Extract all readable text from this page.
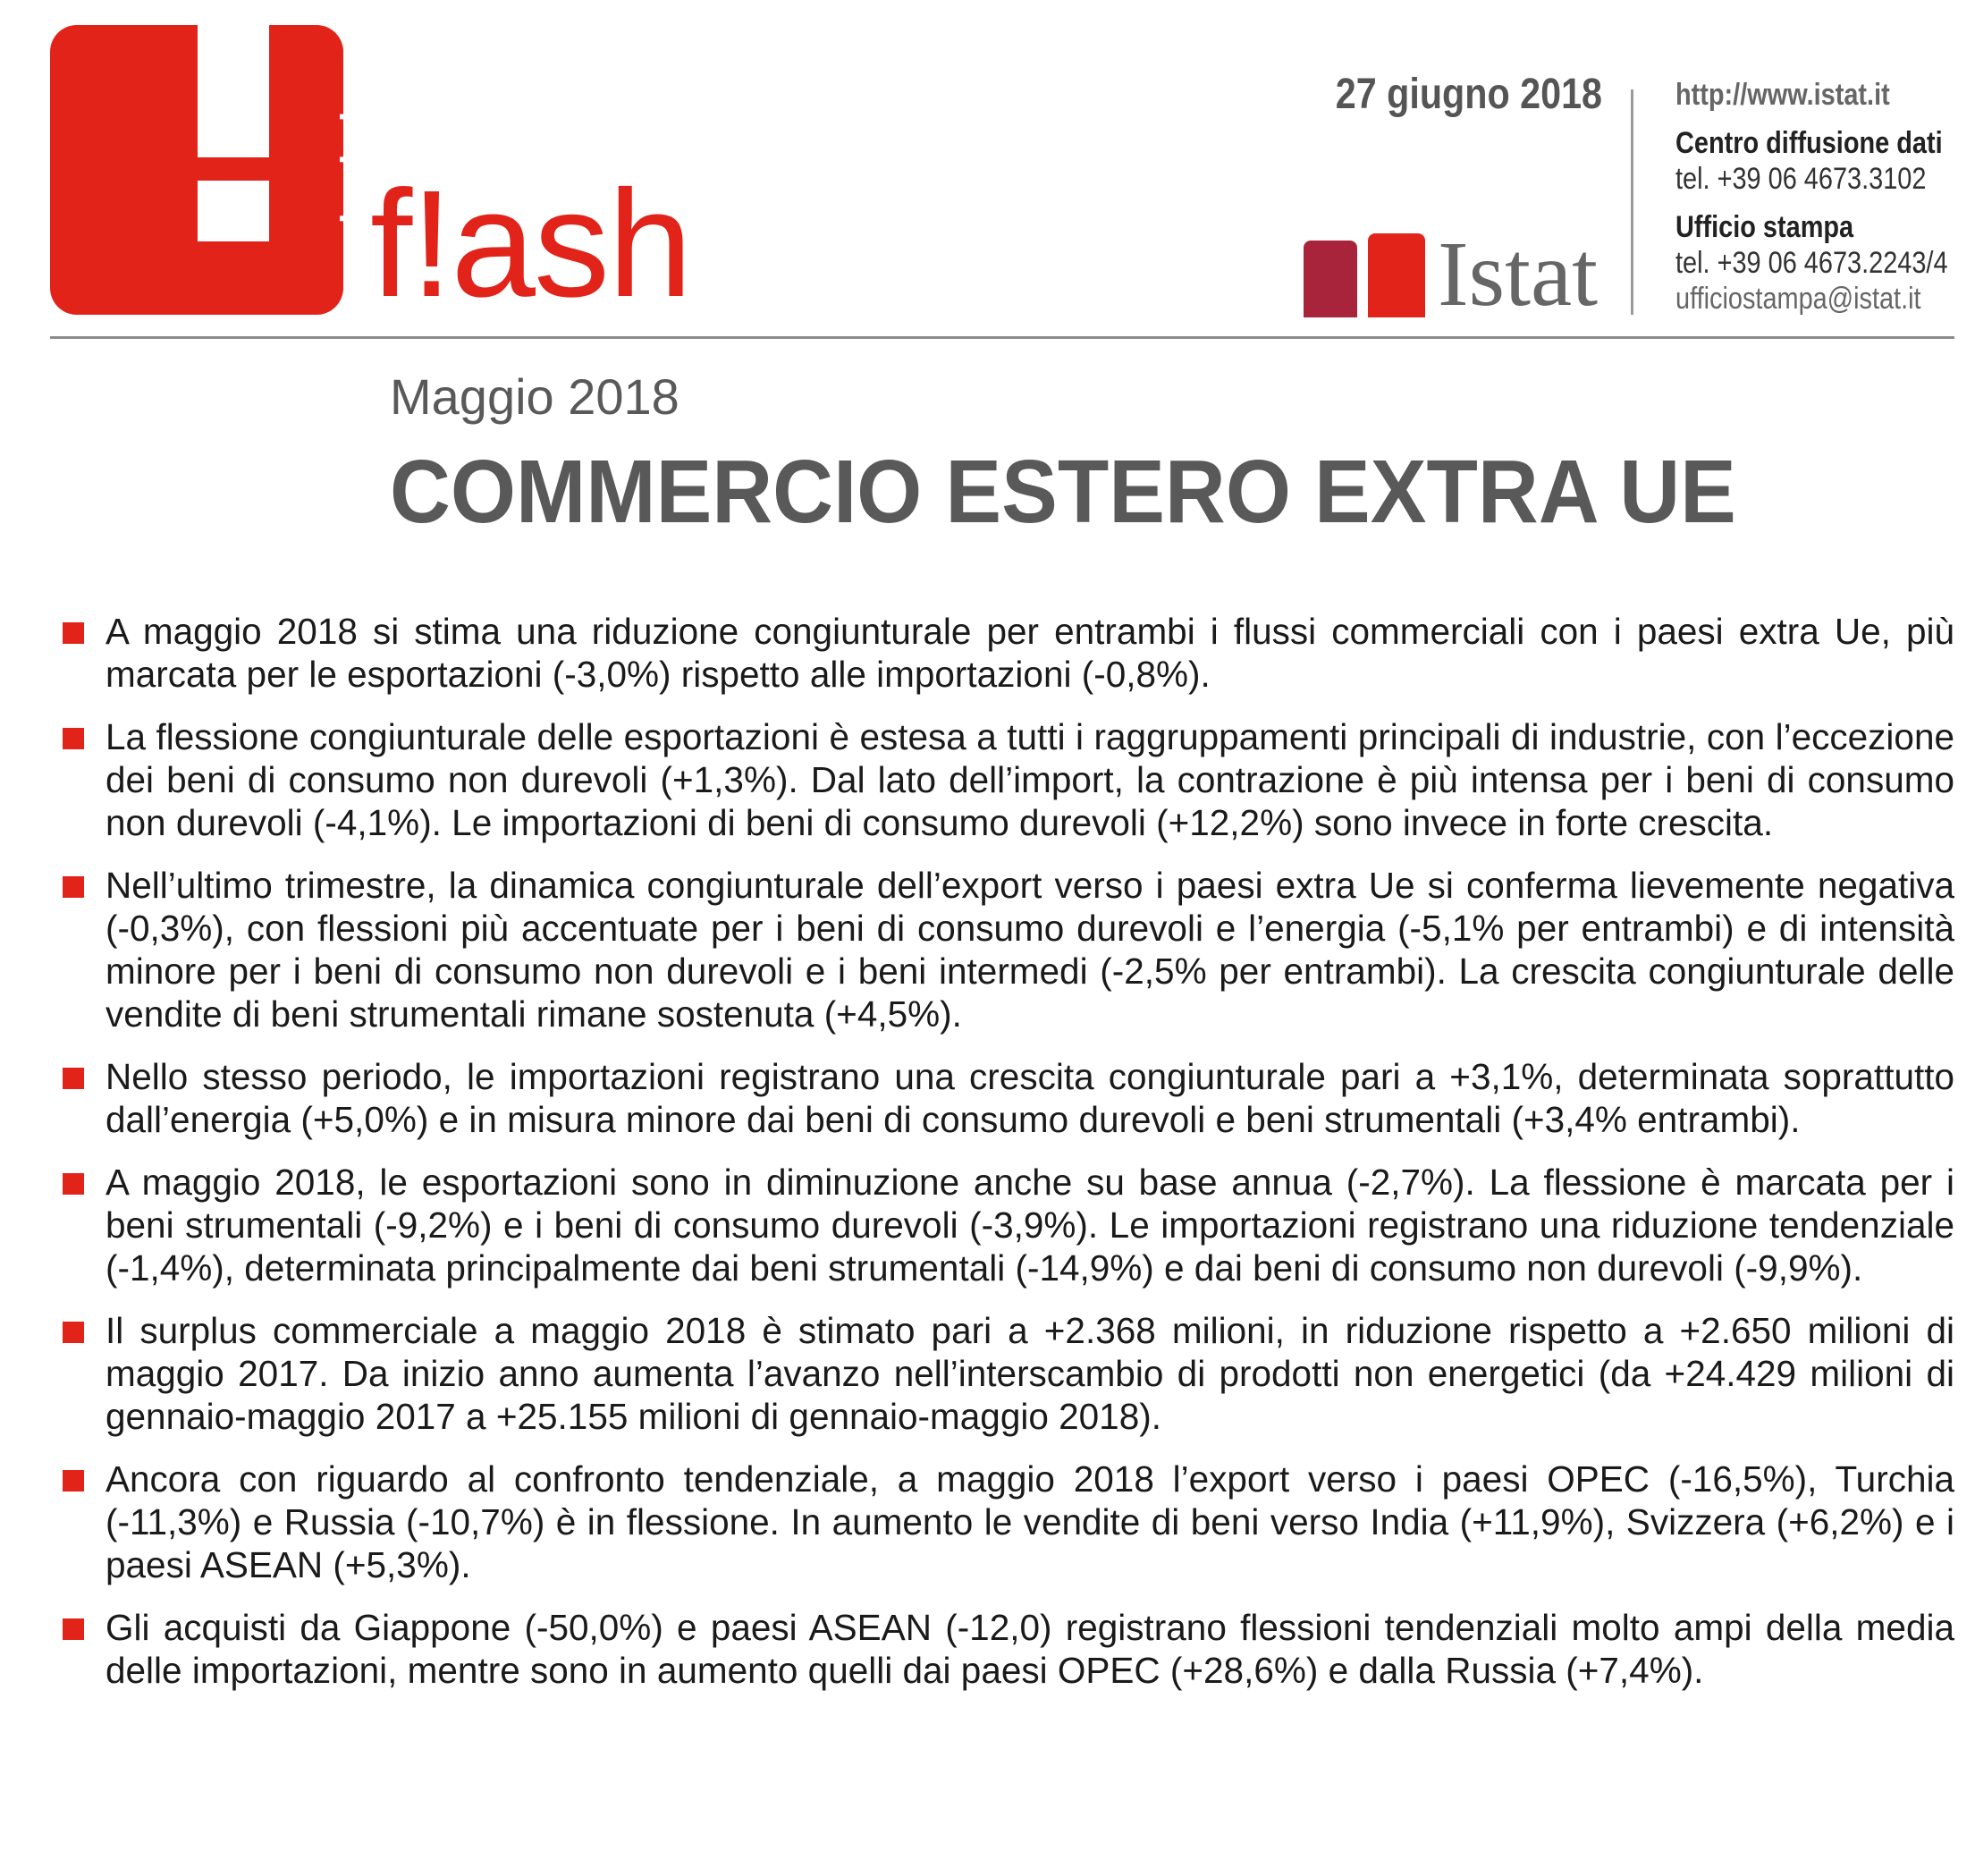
statistiche
f!ash
27 giugno 2018
Istat
http://www.istat.it
Centro diffusione dati
tel. +39 06 4673.3102
Ufficio stampa
tel. +39 06 4673.2243/4
ufficiostampa@istat.it
Maggio 2018
COMMERCIO ESTERO EXTRA UE
A maggio 2018 si stima una riduzione congiunturale per entrambi i flussi commerciali con i paesi extra Ue, più marcata per le esportazioni (-3,0%) rispetto alle importazioni (-0,8%).
La flessione congiunturale delle esportazioni è estesa a tutti i raggruppamenti principali di industrie, con l’eccezione dei beni di consumo non durevoli (+1,3%). Dal lato dell’import, la contrazione è più intensa per i beni di consumo non durevoli (-4,1%). Le importazioni di beni di consumo durevoli (+12,2%) sono invece in forte crescita.
Nell’ultimo trimestre, la dinamica congiunturale dell’export verso i paesi extra Ue si conferma lievemente negativa (-0,3%), con flessioni più accentuate per i beni di consumo durevoli e l’energia (-5,1% per entrambi) e di intensità minore per i beni di consumo non durevoli e i beni intermedi (-2,5% per entrambi). La crescita congiunturale delle vendite di beni strumentali rimane sostenuta (+4,5%).
Nello stesso periodo, le importazioni registrano una crescita congiunturale pari a +3,1%, determinata soprattutto dall’energia (+5,0%) e in misura minore dai beni di consumo durevoli e beni strumentali (+3,4% entrambi).
A maggio 2018, le esportazioni sono in diminuzione anche su base annua (-2,7%). La flessione è marcata per i beni strumentali (-9,2%) e i beni di consumo durevoli (-3,9%). Le importazioni registrano una riduzione tendenziale (-1,4%), determinata principalmente dai beni strumentali (-14,9%) e dai beni di consumo non durevoli (-9,9%).
Il surplus commerciale a maggio 2018 è stimato pari a +2.368 milioni, in riduzione rispetto a +2.650 milioni di maggio 2017. Da inizio anno aumenta l’avanzo nell’interscambio di prodotti non energetici (da +24.429 milioni di gennaio-maggio 2017 a +25.155 milioni di gennaio-maggio 2018).
Ancora con riguardo al confronto tendenziale, a maggio 2018 l’export verso i paesi OPEC (-16,5%), Turchia (-11,3%) e Russia (-10,7%) è in flessione. In aumento le vendite di beni verso India (+11,9%), Svizzera (+6,2%) e i paesi ASEAN (+5,3%).
Gli acquisti da Giappone (-50,0%) e paesi ASEAN (-12,0) registrano flessioni tendenziali molto ampi della media delle importazioni, mentre sono in aumento quelli dai paesi OPEC (+28,6%) e dalla Russia (+7,4%).
